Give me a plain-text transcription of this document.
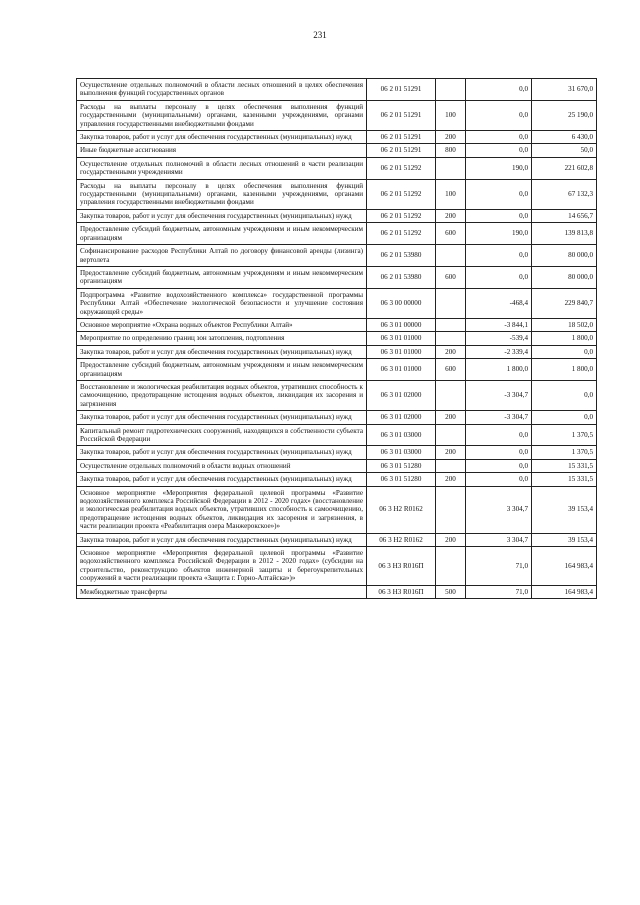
231
Осуществление отдельных полномочий в области лесных отношений в целях обеспечения выполнения функций государственных органов	06 2 01 51291		0,0	31 670,0
Расходы на выплаты персоналу в целях обеспечения выполнения функций государственными (муниципальными) органами, казенными учреждениями, органами управления государственными внебюджетными фондами	06 2 01 51291	100	0,0	25 190,0
Закупка товаров, работ и услуг для обеспечения государственных (муниципальных) нужд	06 2 01 51291	200	0,0	6 430,0
Иные бюджетные ассигнования	06 2 01 51291	800	0,0	50,0
Осуществление отдельных полномочий в области лесных отношений в части реализации государственными учреждениями	06 2 01 51292		190,0	221 602,8
Расходы на выплаты персоналу в целях обеспечения выполнения функций государственными (муниципальными) органами, казенными учреждениями, органами управления государственными внебюджетными фондами	06 2 01 51292	100	0,0	67 132,3
Закупка товаров, работ и услуг для обеспечения государственных (муниципальных) нужд	06 2 01 51292	200	0,0	14 656,7
Предоставление субсидий бюджетным, автономным учреждениям и иным некоммерческим организациям	06 2 01 51292	600	190,0	139 813,8
Софинансирование расходов Республики Алтай по договору финансовой аренды (лизинга) вертолета	06 2 01 53980		0,0	80 000,0
Предоставление субсидий бюджетным, автономным учреждениям и иным некоммерческим организациям	06 2 01 53980	600	0,0	80 000,0
Подпрограмма «Развитие водохозяйственного комплекса» государственной программы Республики Алтай «Обеспечение экологической безопасности и улучшение состояния окружающей среды»	06 3 00 00000		-468,4	229 840,7
Основное мероприятие «Охрана водных объектов Республики Алтай»	06 3 01 00000		-3 844,1	18 502,0
Мероприятие по определению границ зон затопления, подтопления	06 3 01 01000		-539,4	1 800,0
Закупка товаров, работ и услуг для обеспечения государственных (муниципальных) нужд	06 3 01 01000	200	-2 339,4	0,0
Предоставление субсидий бюджетным, автономным учреждениям и иным некоммерческим организациям	06 3 01 01000	600	1 800,0	1 800,0
Восстановление и экологическая реабилитация водных объектов, утративших способность к самоочищению, предотвращение истощения водных объектов, ликвидация их засорения и загрязнения	06 3 01 02000		-3 304,7	0,0
Закупка товаров, работ и услуг для обеспечения государственных (муниципальных) нужд	06 3 01 02000	200	-3 304,7	0,0
Капитальный ремонт гидротехнических сооружений, находящихся в собственности субъекта Российской Федерации	06 3 01 03000		0,0	1 370,5
Закупка товаров, работ и услуг для обеспечения государственных (муниципальных) нужд	06 3 01 03000	200	0,0	1 370,5
Осуществление отдельных полномочий в области водных отношений	06 3 01 51280		0,0	15 331,5
Закупка товаров, работ и услуг для обеспечения государственных (муниципальных) нужд	06 3 01 51280	200	0,0	15 331,5
Основное мероприятие «Мероприятия федеральной целевой программы «Развитие водохозяйственного комплекса Российской Федерации в 2012 - 2020 годах» (восстановление и экологическая реабилитация водных объектов, утративших способность к самоочищению, предотвращение истощения водных объектов, ликвидация их засорения и загрязнения, в части реализации проекта «Реабилитация озера Манжерокское»)»	06 3 Н2 R0162		3 304,7	39 153,4
Закупка товаров, работ и услуг для обеспечения государственных (муниципальных) нужд	06 3 Н2 R0162	200	3 304,7	39 153,4
Основное мероприятие «Мероприятия федеральной целевой программы «Развитие водохозяйственного комплекса Российской Федерации в 2012 - 2020 годах» (субсидии на строительство, реконструкцию объектов инженерной защиты и берегоукрепительных сооружений в части реализации проекта «Защита г. Горно-Алтайска»)»	06 3 Н3 R016П		71,0	164 983,4
Межбюджетные трансферты	06 3 Н3 R016П	500	71,0	164 983,4
